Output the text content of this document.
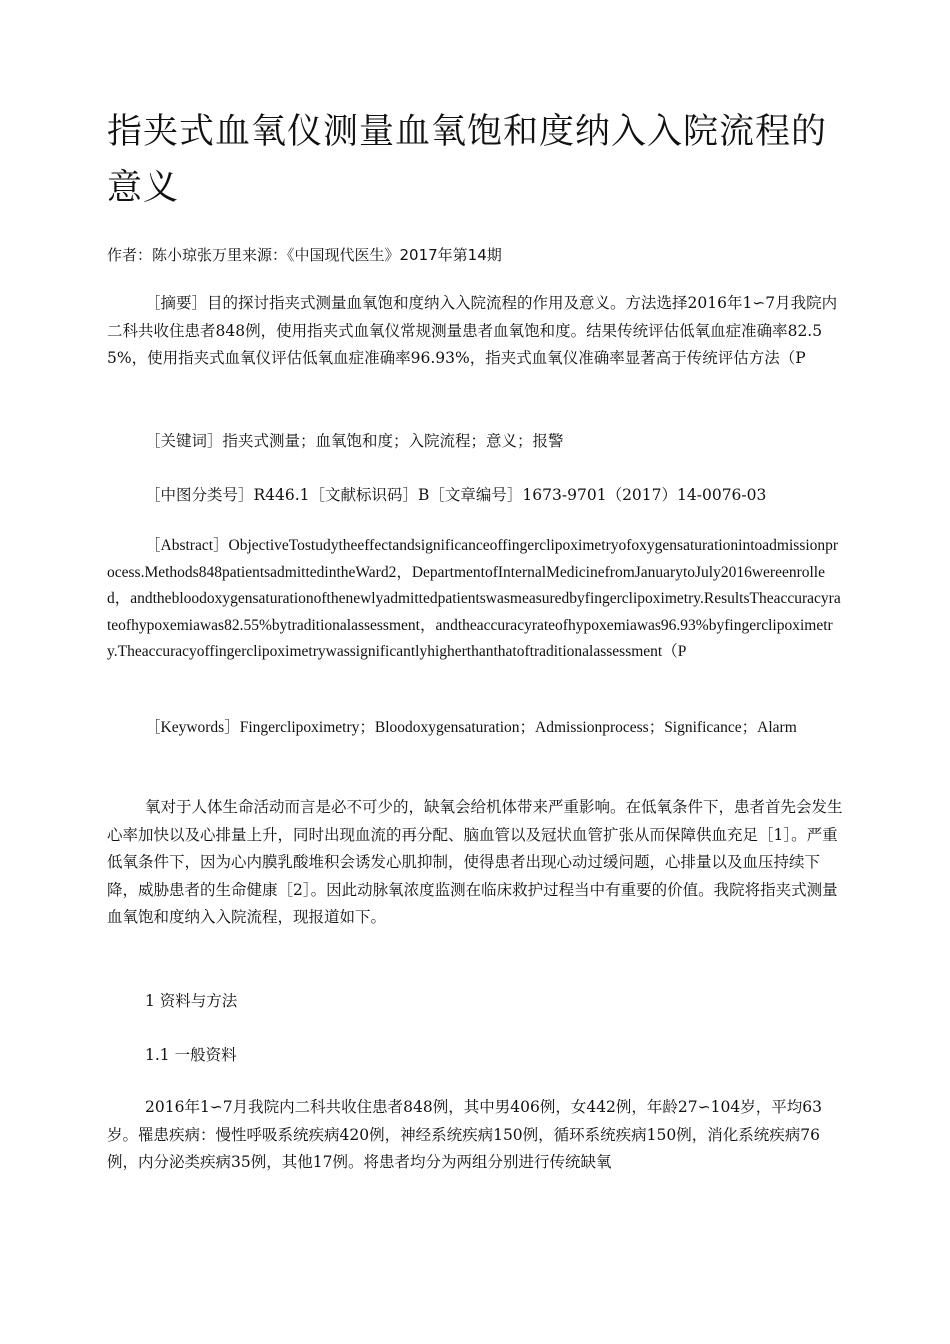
指夹式血氧仪测量血氧饱和度纳入入院流程的意义
作者：陈小琼张万里来源：《中国现代医生》2017年第14期

［摘要］目的探讨指夹式测量血氧饱和度纳入入院流程的作用及意义。方法选择2016年1∽7月我院内二科共收住患者848例，使用指夹式血氧仪常规测量患者血氧饱和度。结果传统评估低氧血症准确率82.55%，使用指夹式血氧仪评估低氧血症准确率96.93%，指夹式血氧仪准确率显著高于传统评估方法（P

［关键词］指夹式测量；血氧饱和度；入院流程；意义；报警

［中图分类号］R446.1［文献标识码］B［文章编号］1673-9701（2017）14-0076-03

［Abstract］ObjectiveTostudytheeffectandsignificanceoffingerclipoximetryofoxygensaturationintoadmissionprocess.Methods848patientsadmittedintheWard2，DepartmentofInternalMedicinefromJanuarytoJuly2016wereenrolled，andthebloodoxygensaturationofthenewlyadmittedpatientswasmeasuredbyfingerclipoximetry.ResultsTheaccuracyrateofhypoxemiawas82.55%bytraditionalassessment，andtheaccuracyrateofhypoxemiawas96.93%byfingerclipoximetry.Theaccuracyoffingerclipoximetrywassignificantlyhigherthanthatoftraditionalassessment（P

［Keywords］Fingerclipoximetry；Bloodoxygensaturation；Admissionprocess；Significance；Alarm

氧对于人体生命活动而言是必不可少的，缺氧会给机体带来严重影响。在低氧条件下，患者首先会发生心率加快以及心排量上升，同时出现血流的再分配、脑血管以及冠状血管扩张从而保障供血充足［1］。严重低氧条件下，因为心内膜乳酸堆积会诱发心肌抑制，使得患者出现心动过缓问题，心排量以及血压持续下降，威胁患者的生命健康［2］。因此动脉氧浓度监测在临床救护过程当中有重要的价值。我院将指夹式测量血氧饱和度纳入入院流程，现报道如下。

1 资料与方法

1.1 一般资料

2016年1∽7月我院内二科共收住患者848例，其中男406例，女442例，年龄27∽104岁，平均63岁。罹患疾病：慢性呼吸系统疾病420例，神经系统疾病150例，循环系统疾病150例，消化系统疾病76例，内分泌类疾病35例，其他17例。将患者均分为两组分别进行传统缺氧
